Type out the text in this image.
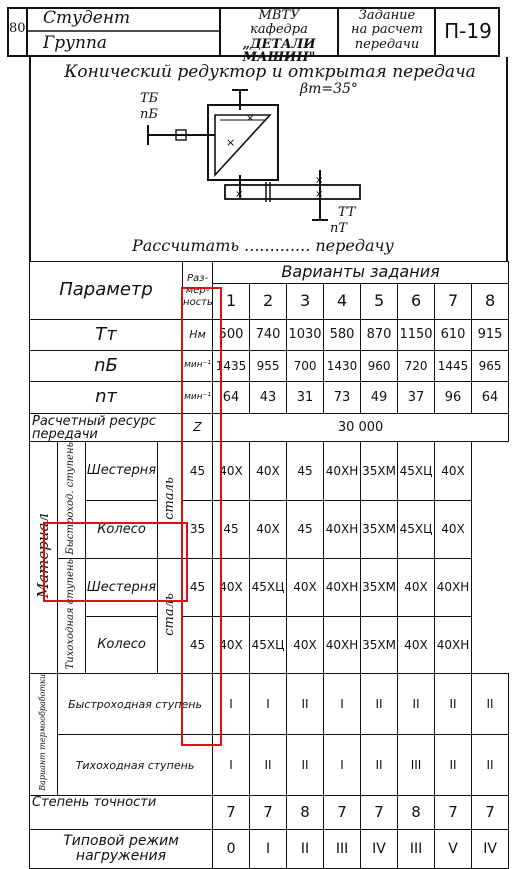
80
Студент
Группа
МВТУ
кафедра
„ДЕТАЛИ МАШИН"
Задание
на расчет
передачи
П-19
Конический редуктор и открытая передача
×
×
×	×
×
TБ
nБ
βm=35°
TT
nT
Рассчитать ............. передачу
Параметр				Раз-мер-ность	Варианты задания							
					1	2	3	4	5	6	7	8
Tт				Нм	500	740	1030	580	870	1150	610	915
nБ				мин⁻¹	1435	955	700	1430	960	720	1445	965
nт				мин⁻¹	64	43	31	73	49	37	96	64
Расчетный ресурс передачи				Z	30 000							
Материал	Быстроход. ступень	Шестерня	сталь	45	40Х	40Х	45	40ХН	35ХМ	45ХЦ	40Х	
		Колесо		35	45	40Х	45	40ХН	35ХМ	45ХЦ	40Х	
	Тихоходная ступень	Шестерня	сталь	45	40Х	45ХЦ	40Х	40ХН	35ХМ	40Х	40ХН	
		Колесо		45	40Х	45ХЦ	40Х	40ХН	35ХМ	40Х	40ХН	
Вариант термообработки	Быстроходная ступень				I	I	II	I	II	II	II	II
	Тихоходная ступень				I	II	II	I	II	III	II	II
Степень точности					7	7	8	7	7	8	7	7
Типовой режим нагружения					0	I	II	III	IV	III	V	IV
